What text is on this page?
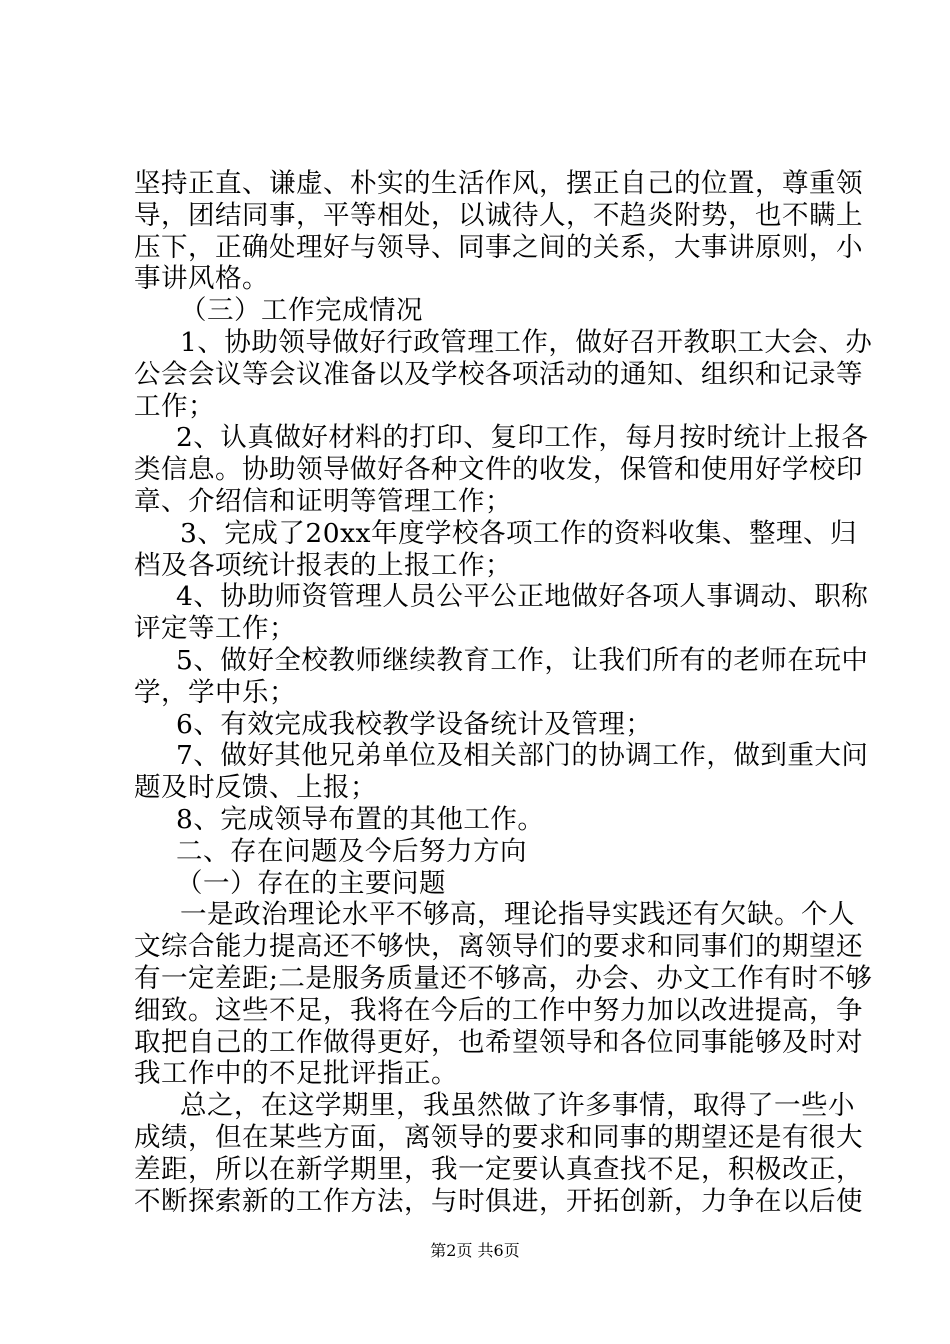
坚持正直、谦虚、朴实的生活作风，摆正自己的位置，尊重领
导，团结同事，平等相处，以诚待人，不趋炎附势，也不瞒上
压下，正确处理好与领导、同事之间的关系，大事讲原则，小
事讲风格。
（三）工作完成情况
1、协助领导做好行政管理工作，做好召开教职工大会、办
公会会议等会议准备以及学校各项活动的通知、组织和记录等
工作；
2、认真做好材料的打印、复印工作，每月按时统计上报各
类信息。协助领导做好各种文件的收发，保管和使用好学校印
章、介绍信和证明等管理工作；
3、完成了20xx年度学校各项工作的资料收集、整理、归
档及各项统计报表的上报工作；
4、协助师资管理人员公平公正地做好各项人事调动、职称
评定等工作；
5、做好全校教师继续教育工作，让我们所有的老师在玩中
学，学中乐；
6、有效完成我校教学设备统计及管理；
7、做好其他兄弟单位及相关部门的协调工作，做到重大问
题及时反馈、上报；
8、完成领导布置的其他工作。
二、存在问题及今后努力方向
（一）存在的主要问题
一是政治理论水平不够高，理论指导实践还有欠缺。个人
文综合能力提高还不够快，离领导们的要求和同事们的期望还
有一定差距;二是服务质量还不够高，办会、办文工作有时不够
细致。这些不足，我将在今后的工作中努力加以改进提高，争
取把自己的工作做得更好，也希望领导和各位同事能够及时对
我工作中的不足批评指正。
总之，在这学期里，我虽然做了许多事情，取得了一些小
成绩，但在某些方面，离领导的要求和同事的期望还是有很大
差距，所以在新学期里，我一定要认真查找不足，积极改正，
不断探索新的工作方法，与时俱进，开拓创新，力争在以后使
第2页 共6页
